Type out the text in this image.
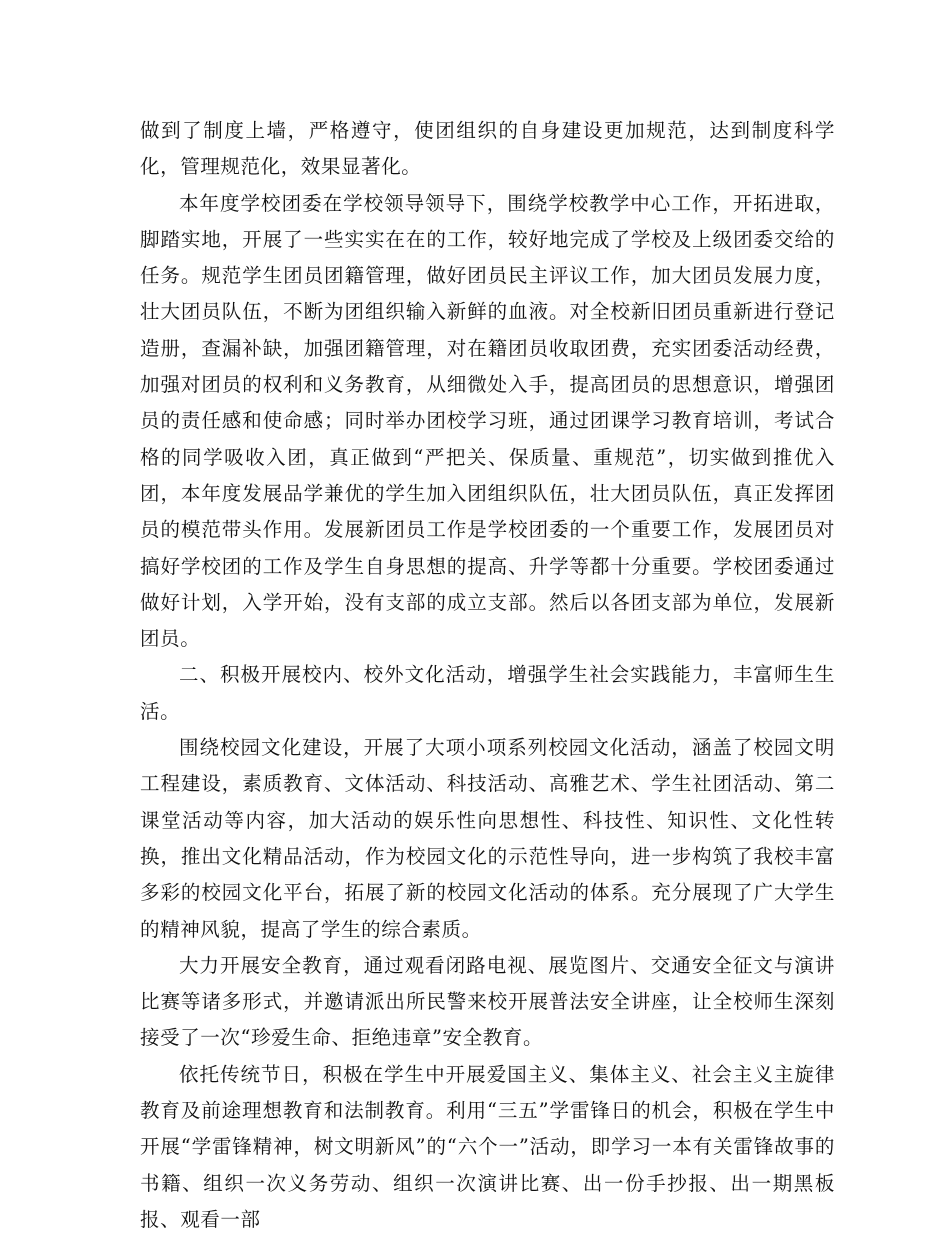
做到了制度上墙，严格遵守，使团组织的自身建设更加规范，达到制度科学化，管理规范化，效果显著化。

本年度学校团委在学校领导领导下，围绕学校教学中心工作，开拓进取，脚踏实地，开展了一些实实在在的工作，较好地完成了学校及上级团委交给的任务。规范学生团员团籍管理，做好团员民主评议工作，加大团员发展力度，壮大团员队伍，不断为团组织输入新鲜的血液。对全校新旧团员重新进行登记造册，查漏补缺，加强团籍管理，对在籍团员收取团费，充实团委活动经费，加强对团员的权利和义务教育，从细微处入手，提高团员的思想意识，增强团员的责任感和使命感；同时举办团校学习班，通过团课学习教育培训，考试合格的同学吸收入团，真正做到“严把关、保质量、重规范”，切实做到推优入团，本年度发展品学兼优的学生加入团组织队伍，壮大团员队伍，真正发挥团员的模范带头作用。发展新团员工作是学校团委的一个重要工作，发展团员对搞好学校团的工作及学生自身思想的提高、升学等都十分重要。学校团委通过做好计划，入学开始，没有支部的成立支部。然后以各团支部为单位，发展新团员。

二、积极开展校内、校外文化活动，增强学生社会实践能力，丰富师生生活。

围绕校园文化建设，开展了大项小项系列校园文化活动，涵盖了校园文明工程建设，素质教育、文体活动、科技活动、高雅艺术、学生社团活动、第二课堂活动等内容，加大活动的娱乐性向思想性、科技性、知识性、文化性转换，推出文化精品活动，作为校园文化的示范性导向，进一步构筑了我校丰富多彩的校园文化平台，拓展了新的校园文化活动的体系。充分展现了广大学生的精神风貌，提高了学生的综合素质。

大力开展安全教育，通过观看闭路电视、展览图片、交通安全征文与演讲比赛等诸多形式，并邀请派出所民警来校开展普法安全讲座，让全校师生深刻接受了一次“珍爱生命、拒绝违章”安全教育。

依托传统节日，积极在学生中开展爱国主义、集体主义、社会主义主旋律教育及前途理想教育和法制教育。利用“三五”学雷锋日的机会，积极在学生中开展“学雷锋精神，树文明新风”的“六个一”活动，即学习一本有关雷锋故事的书籍、组织一次义务劳动、组织一次演讲比赛、出一份手抄报、出一期黑板报、观看一部
